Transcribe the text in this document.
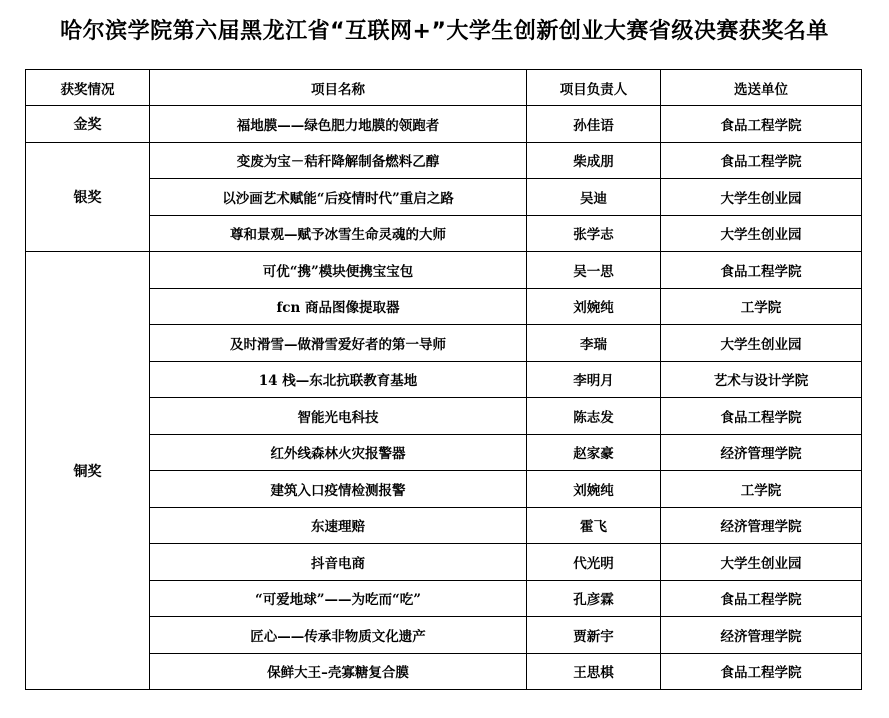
哈尔滨学院第六届黑龙江省“互联网+”大学生创新创业大赛省级决赛获奖名单
获奖情况	项目名称	项目负责人	选送单位
金奖	福地膜——绿色肥力地膜的领跑者	孙佳语	食品工程学院
银奖	变废为宝－秸秆降解制备燃料乙醇	柴成朋	食品工程学院
	以沙画艺术赋能“后疫情时代”重启之路	吴迪	大学生创业园
	尊和景观—赋予冰雪生命灵魂的大师	张学志	大学生创业园
铜奖	可优“携”模块便携宝宝包	吴一思	食品工程学院
	fcn 商品图像提取器	刘婉纯	工学院
	及时滑雪—做滑雪爱好者的第一导师	李瑞	大学生创业园
	14 栈—东北抗联教育基地	李明月	艺术与设计学院
	智能光电科技	陈志发	食品工程学院
	红外线森林火灾报警器	赵家豪	经济管理学院
	建筑入口疫情检测报警	刘婉纯	工学院
	东速理赔	霍飞	经济管理学院
	抖音电商	代光明	大学生创业园
	“可爱地球”——为吃而“吃”	孔彦霖	食品工程学院
	匠心——传承非物质文化遗产	贾新宇	经济管理学院
	保鲜大王–壳寡糖复合膜	王思棋	食品工程学院
